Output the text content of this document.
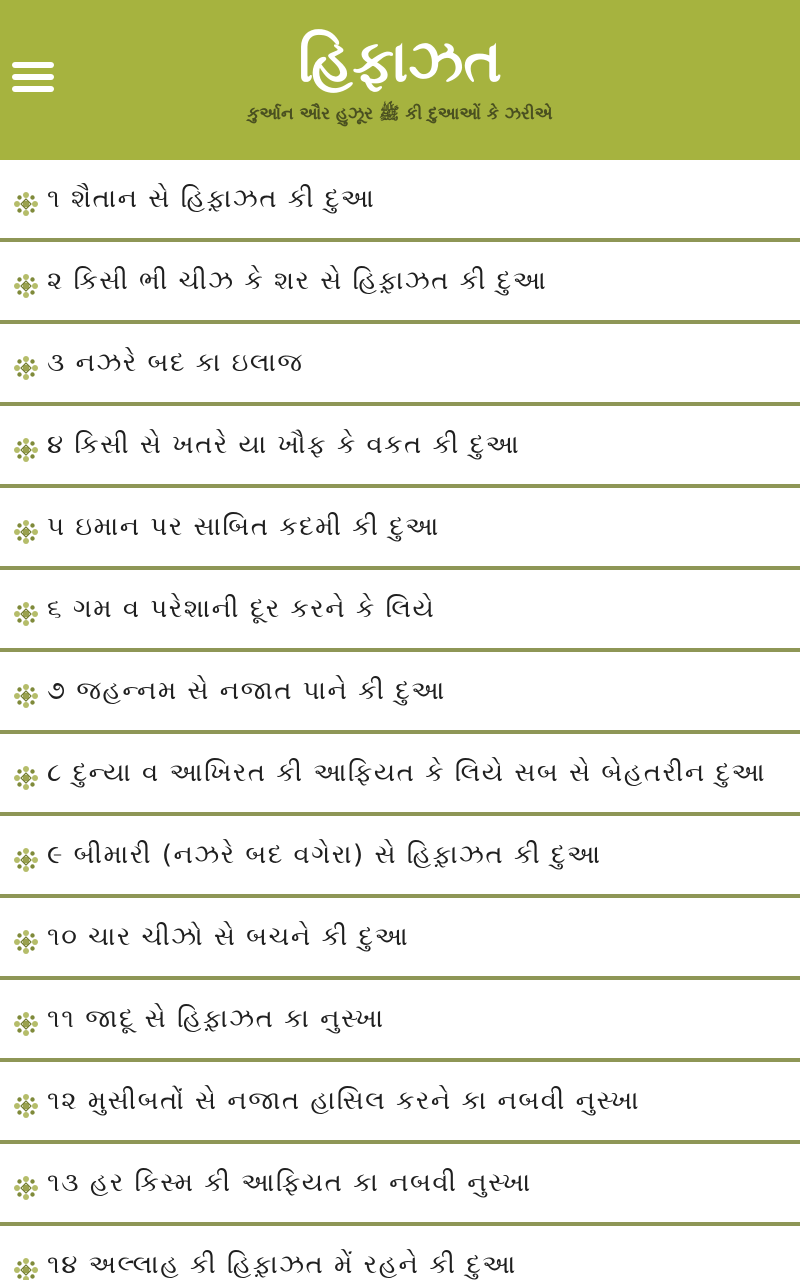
હિફાઝત
કુર્આન ઔર હુઝૂર ﷺ કી દુઆઓં કે ઝરીએ
૧ શૈતાન સે હિફ઼ાઝત કી દુઆ
૨ કિસી ભી ચીઝ કે શર સે હિફ઼ાઝત કી દુઆ
૩ નઝરે બદ કા ઇલાજ
૪ કિસી સે ખતરે યા ખૌફ કે વકત કી દુઆ
૫ ઇમાન પર સાબિત કદમી કી દુઆ
૬ ગમ વ પરેશાની દૂર કરને કે લિયે
૭ જહન્નમ સે નજાત પાને કી દુઆ
૮ દુન્યા વ આખિરત કી આફિયત કે લિયે સબ સે બેહતરીન દુઆ
૯ બીમારી (નઝરે બદ વગેરા) સે હિફ઼ાઝત કી દુઆ
૧૦ ચાર ચીઝો સે બચને કી દુઆ
૧૧ જાદૂ સે હિફ઼ાઝત કા નુસ્ખા
૧૨ મુસીબતોં સે નજાત હાસિલ કરને કા નબવી નુસ્ખા
૧૩ હર કિસ્મ કી આફિયત કા નબવી નુસ્ખા
૧૪ અલ્લાહ કી હિફ઼ાઝત મેં રહને કી દુઆ
